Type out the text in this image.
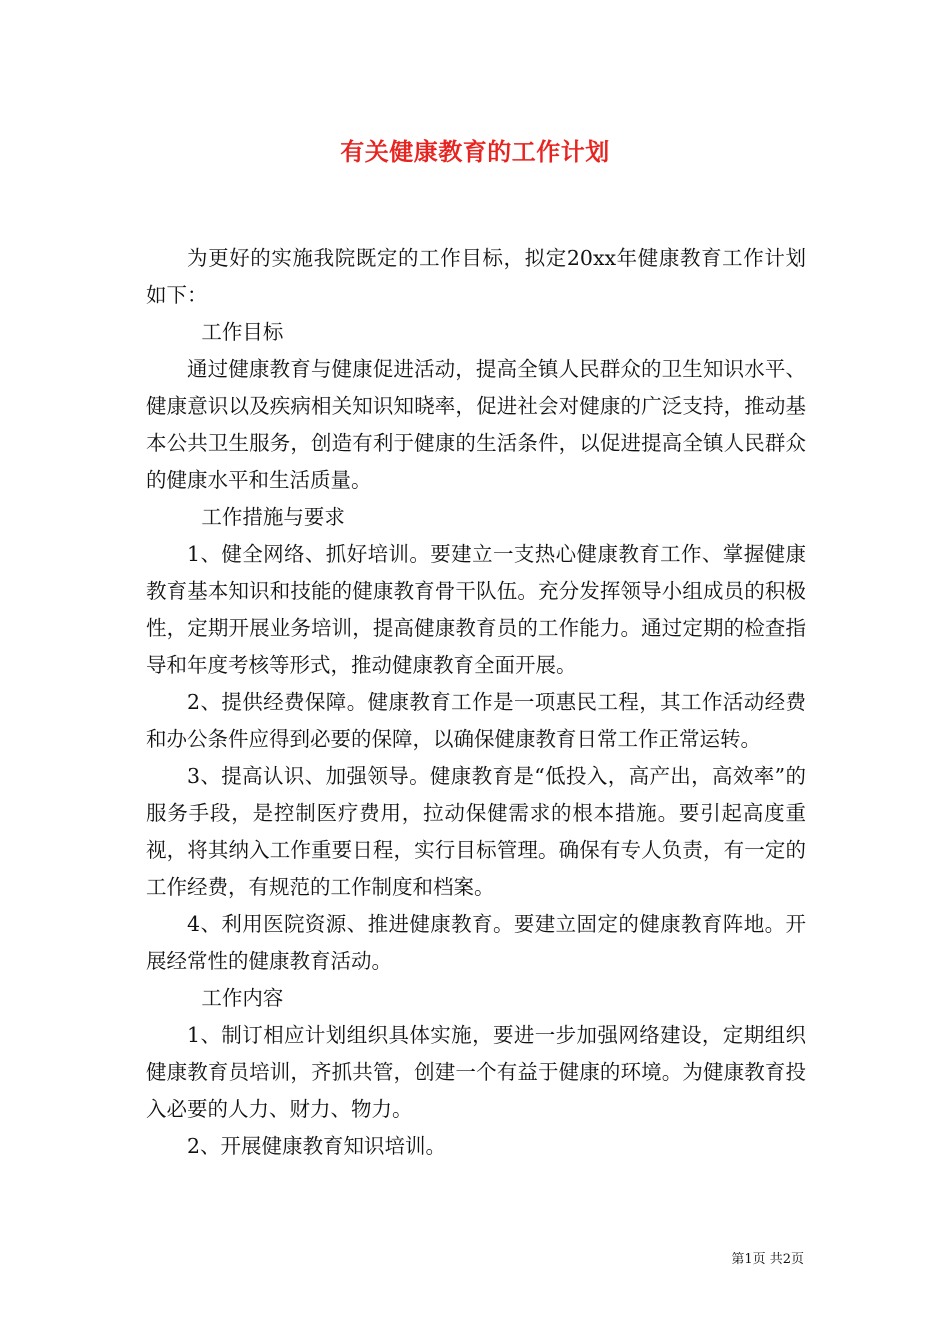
有关健康教育的工作计划

为更好的实施我院既定的工作目标，拟定20xx年健康教育工作计划如下：

工作目标

通过健康教育与健康促进活动，提高全镇人民群众的卫生知识水平、健康意识以及疾病相关知识知晓率，促进社会对健康的广泛支持，推动基本公共卫生服务，创造有利于健康的生活条件，以促进提高全镇人民群众的健康水平和生活质量。

工作措施与要求

1、健全网络、抓好培训。要建立一支热心健康教育工作、掌握健康教育基本知识和技能的健康教育骨干队伍。充分发挥领导小组成员的积极性，定期开展业务培训，提高健康教育员的工作能力。通过定期的检查指导和年度考核等形式，推动健康教育全面开展。

2、提供经费保障。健康教育工作是一项惠民工程，其工作活动经费和办公条件应得到必要的保障，以确保健康教育日常工作正常运转。

3、提高认识、加强领导。健康教育是“低投入，高产出，高效率”的服务手段，是控制医疗费用，拉动保健需求的根本措施。要引起高度重视，将其纳入工作重要日程，实行目标管理。确保有专人负责，有一定的工作经费，有规范的工作制度和档案。

4、利用医院资源、推进健康教育。要建立固定的健康教育阵地。开展经常性的健康教育活动。

工作内容

1、制订相应计划组织具体实施，要进一步加强网络建设，定期组织健康教育员培训，齐抓共管，创建一个有益于健康的环境。为健康教育投入必要的人力、财力、物力。

2、开展健康教育知识培训。

第1页 共2页
